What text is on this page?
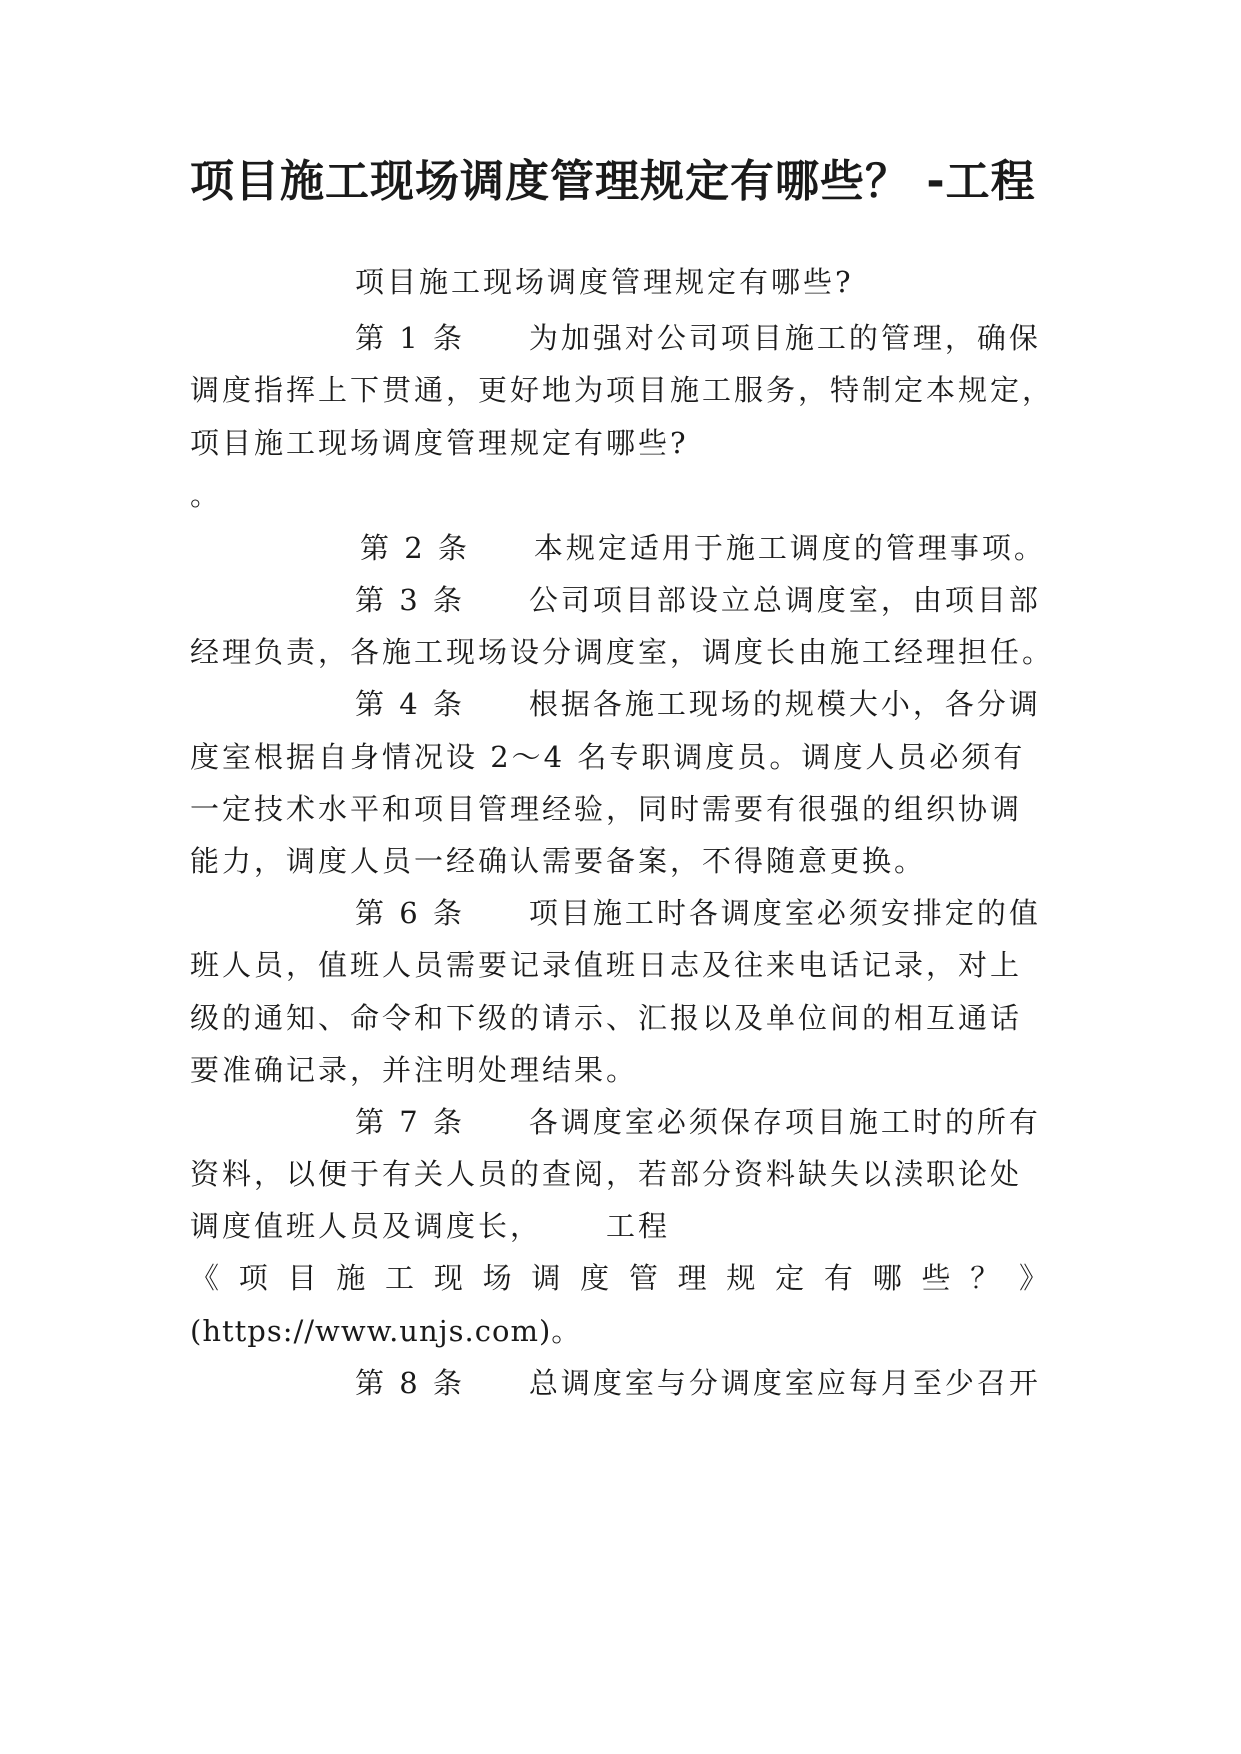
项目施工现场调度管理规定有哪些？ -工程
项目施工现场调度管理规定有哪些?
第 1 条 为加强对公司项目施工的管理，确保
调度指挥上下贯通，更好地为项目施工服务，特制定本规定，
项目施工现场调度管理规定有哪些?
。
第 2 条 本规定适用于施工调度的管理事项。
第 3 条 公司项目部设立总调度室，由项目部
经理负责，各施工现场设分调度室，调度长由施工经理担任。
第 4 条 根据各施工现场的规模大小，各分调
度室根据自身情况设 2～4 名专职调度员。调度人员必须有
一定技术水平和项目管理经验，同时需要有很强的组织协调
能力，调度人员一经确认需要备案，不得随意更换。
第 6 条 项目施工时各调度室必须安排定的值
班人员，值班人员需要记录值班日志及往来电话记录，对上
级的通知、命令和下级的请示、汇报以及单位间的相互通话
要准确记录，并注明处理结果。
第 7 条 各调度室必须保存项目施工时的所有
资料，以便于有关人员的查阅，若部分资料缺失以渎职论处
调度值班人员及调度长， 工程
《项目施工现场调度管理规定有哪些？》
(https://www.unjs.com)。
第 8 条 总调度室与分调度室应每月至少召开
